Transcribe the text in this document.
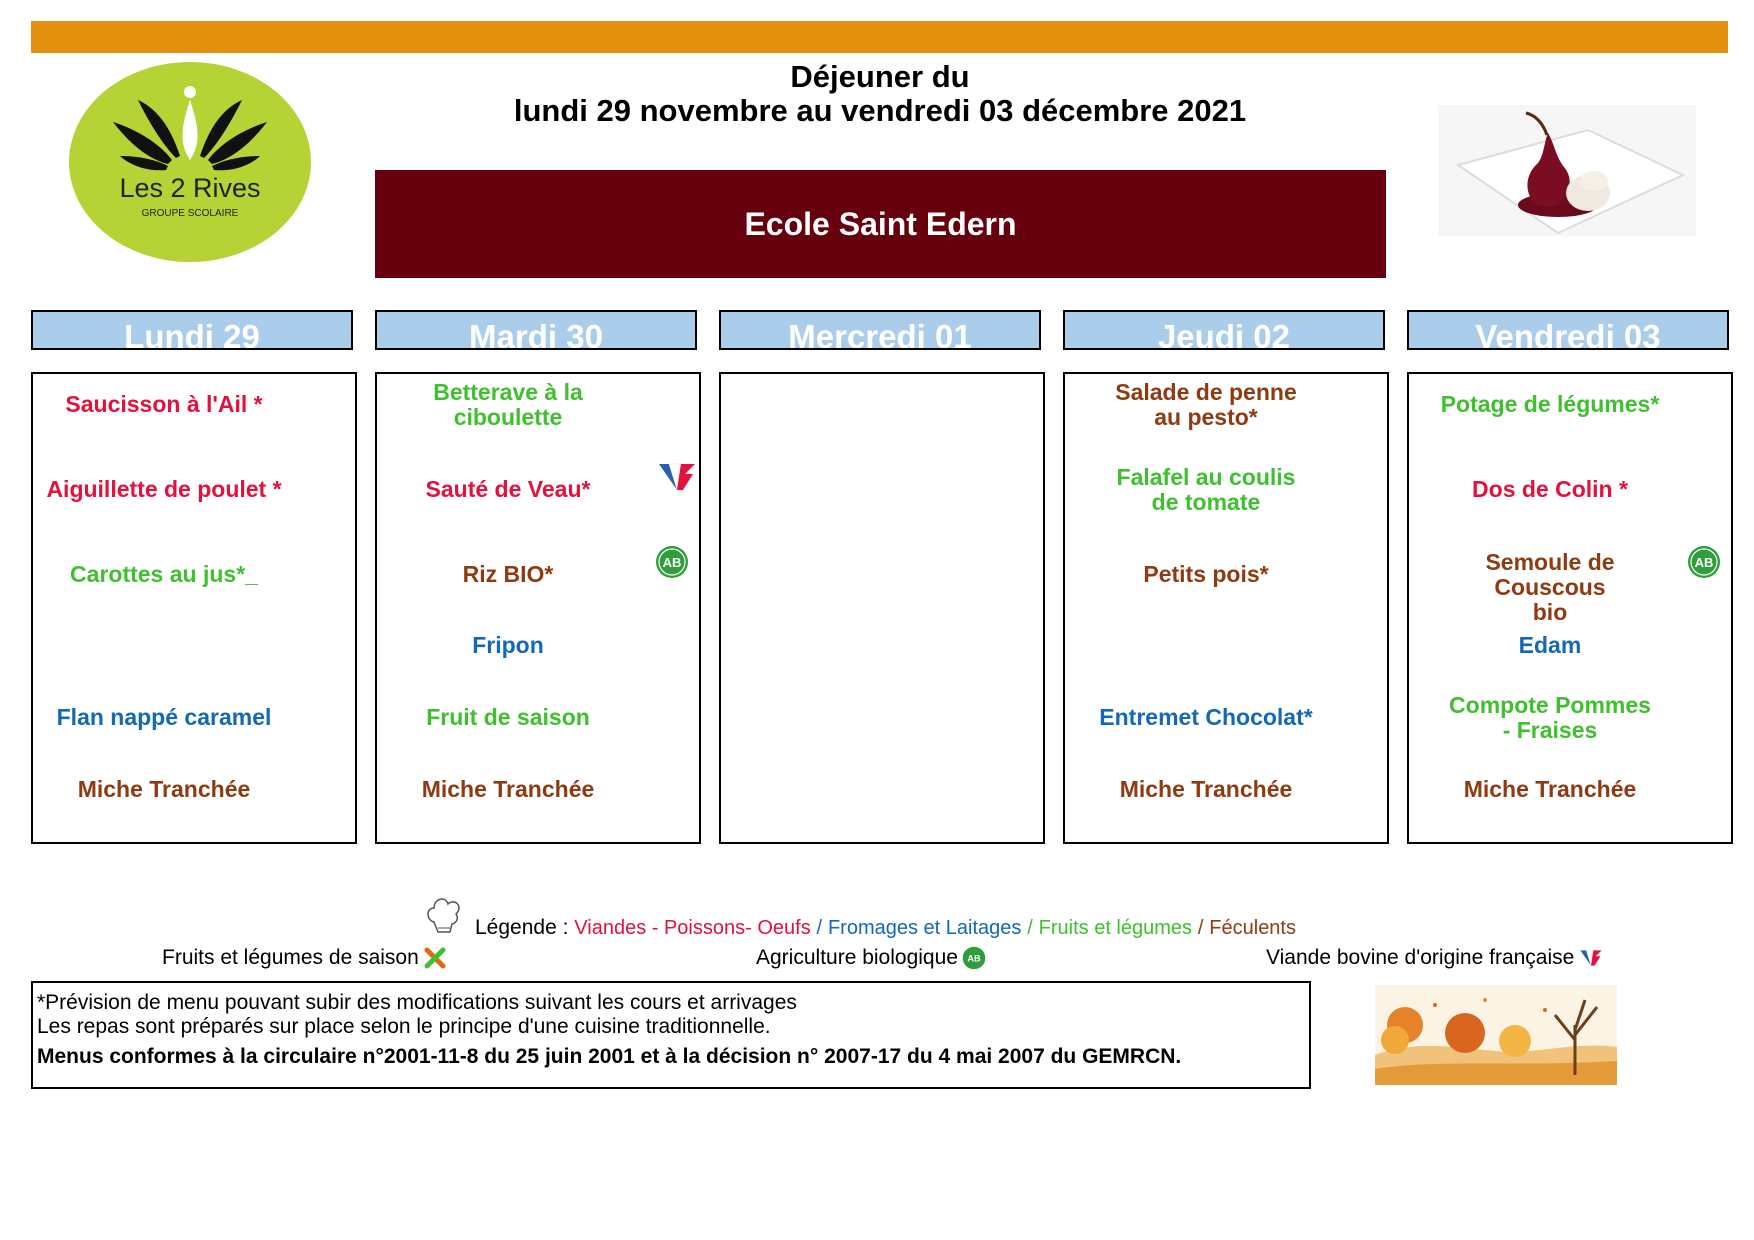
Les 2 Rives
GROUPE SCOLAIRE
Déjeuner du
lundi 29 novembre au vendredi 03 décembre 2021
Ecole Saint Edern
Lundi 29	Mardi 30	Mercredi 01	Jeudi 02	Vendredi 03
Saucisson à l'Ail *
Aiguillette de poulet *
Carottes au jus*_
Flan nappé caramel
Miche Tranchée
Betterave à la ciboulette
Sauté de Veau*
Riz BIO*
Fripon
Fruit de saison
Miche Tranchée
AB
Salade de penne au pesto*
Falafel au coulis de tomate
Petits pois*
Entremet Chocolat*
Miche Tranchée
Potage de légumes*
Dos de Colin *
Semoule de Couscous bio
Edam
Compote Pommes - Fraises
Miche Tranchée
AB
Légende : Viandes - Poissons- Oeufs / Fromages et Laitages / Fruits et légumes / Féculents
Fruits et légumes de saison	Agriculture biologique AB	Viande bovine d'origine française
*Prévision de menu pouvant subir des modifications suivant les cours et arrivages
Les repas sont préparés sur place selon le principe d'une cuisine traditionnelle.
Menus conformes à la circulaire n°2001-11-8 du 25 juin 2001 et à la décision n° 2007-17 du 4 mai 2007 du GEMRCN.
